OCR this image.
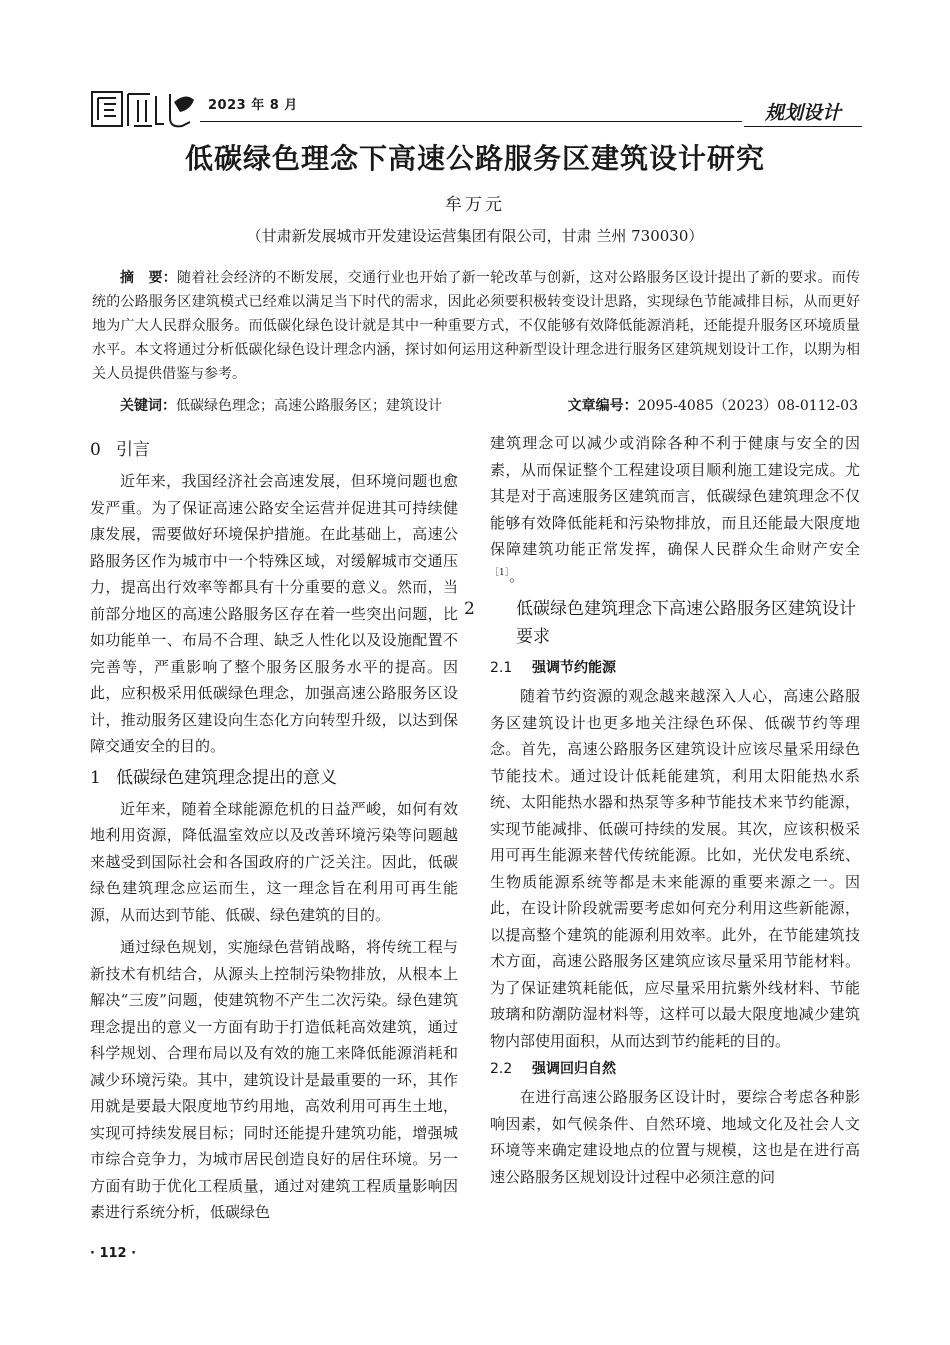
2023 年 8 月	规划设计
低碳绿色理念下高速公路服务区建筑设计研究
牟万元
（甘肃新发展城市开发建设运营集团有限公司，甘肃 兰州 730030）

摘　要：随着社会经济的不断发展，交通行业也开始了新一轮改革与创新，这对公路服务区设计提出了新的要求。而传统的公路服务区建筑模式已经难以满足当下时代的需求，因此必须要积极转变设计思路，实现绿色节能减排目标，从而更好地为广大人民群众服务。而低碳化绿色设计就是其中一种重要方式，不仅能够有效降低能源消耗，还能提升服务区环境质量水平。本文将通过分析低碳化绿色设计理念内涵，探讨如何运用这种新型设计理念进行服务区建筑规划设计工作，以期为相关人员提供借鉴与参考。

关键词：低碳绿色理念；高速公路服务区；建筑设计	文章编号：2095-4085（2023）08-0112-03
0 引言

近年来，我国经济社会高速发展，但环境问题也愈发严重。为了保证高速公路安全运营并促进其可持续健康发展，需要做好环境保护措施。在此基础上，高速公路服务区作为城市中一个特殊区域，对缓解城市交通压力，提高出行效率等都具有十分重要的意义。然而，当前部分地区的高速公路服务区存在着一些突出问题，比如功能单一、布局不合理、缺乏人性化以及设施配置不完善等，严重影响了整个服务区服务水平的提高。因此，应积极采用低碳绿色理念，加强高速公路服务区设计，推动服务区建设向生态化方向转型升级，以达到保障交通安全的目的。

1 低碳绿色建筑理念提出的意义

近年来，随着全球能源危机的日益严峻，如何有效地利用资源，降低温室效应以及改善环境污染等问题越来越受到国际社会和各国政府的广泛关注。因此，低碳绿色建筑理念应运而生，这一理念旨在利用可再生能源，从而达到节能、低碳、绿色建筑的目的。

通过绿色规划，实施绿色营销战略，将传统工程与新技术有机结合，从源头上控制污染物排放，从根本上解决“三废”问题，使建筑物不产生二次污染。绿色建筑理念提出的意义一方面有助于打造低耗高效建筑，通过科学规划、合理布局以及有效的施工来降低能源消耗和减少环境污染。其中，建筑设计是最重要的一环，其作用就是要最大限度地节约用地，高效利用可再生土地，实现可持续发展目标；同时还能提升建筑功能，增强城市综合竞争力，为城市居民创造良好的居住环境。另一方面有助于优化工程质量，通过对建筑工程质量影响因素进行系统分析，低碳绿色

建筑理念可以减少或消除各种不利于健康与安全的因素，从而保证整个工程建设项目顺利施工建设完成。尤其是对于高速服务区建筑而言，低碳绿色建筑理念不仅能够有效降低能耗和污染物排放，而且还能最大限度地保障建筑功能正常发挥，确保人民群众生命财产安全$^{[1]}$。

2 低碳绿色建筑理念下高速公路服务区建筑设计要求
2.1 强调节约能源

随着节约资源的观念越来越深入人心，高速公路服务区建筑设计也更多地关注绿色环保、低碳节约等理念。首先，高速公路服务区建筑设计应该尽量采用绿色节能技术。通过设计低耗能建筑，利用太阳能热水系统、太阳能热水器和热泵等多种节能技术来节约能源，实现节能减排、低碳可持续的发展。其次，应该积极采用可再生能源来替代传统能源。比如，光伏发电系统、生物质能源系统等都是未来能源的重要来源之一。因此，在设计阶段就需要考虑如何充分利用这些新能源，以提高整个建筑的能源利用效率。此外，在节能建筑技术方面，高速公路服务区建筑应该尽量采用节能材料。为了保证建筑耗能低，应尽量采用抗紫外线材料、节能玻璃和防潮防湿材料等，这样可以最大限度地减少建筑物内部使用面积，从而达到节约能耗的目的。

2.2 强调回归自然

在进行高速公路服务区设计时，要综合考虑各种影响因素，如气候条件、自然环境、地域文化及社会人文环境等来确定建设地点的位置与规模，这也是在进行高速公路服务区规划设计过程中必须注意的问

· 112 ·
